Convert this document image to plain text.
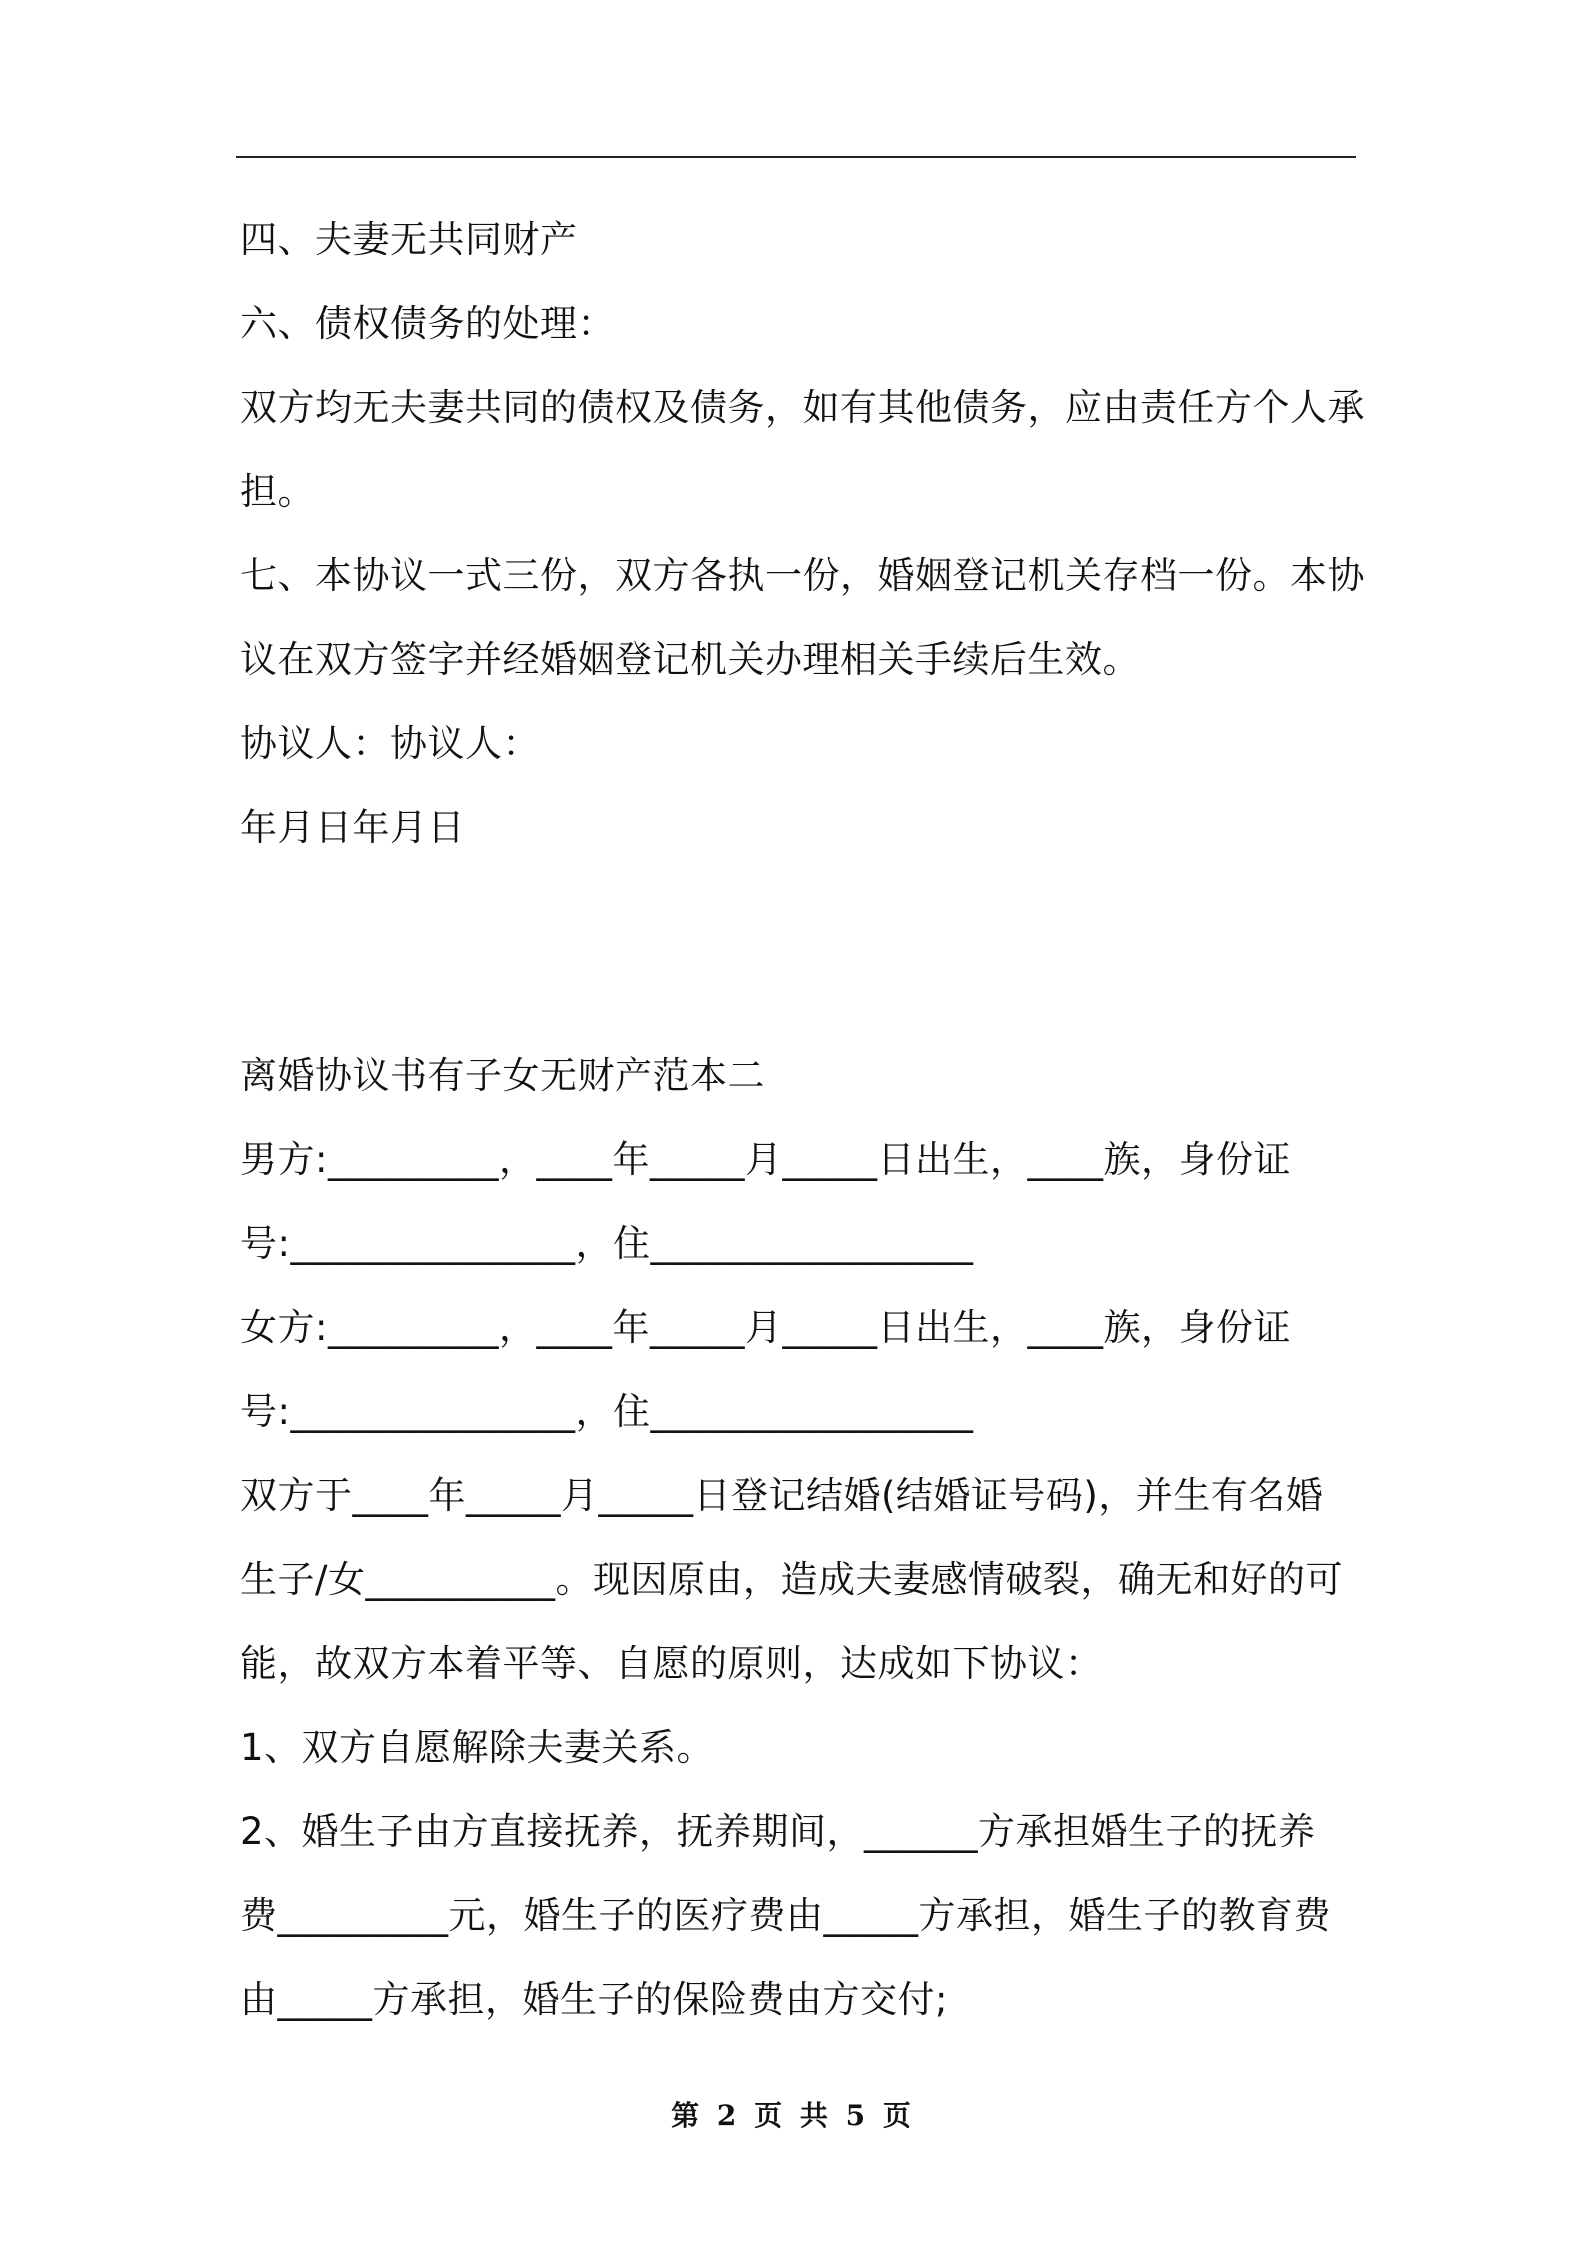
四、夫妻无共同财产
六、债权债务的处理：
双方均无夫妻共同的债权及债务，如有其他债务，应由责任方个人承
担。
七、本协议一式三份，双方各执一份，婚姻登记机关存档一份。本协
议在双方签字并经婚姻登记机关办理相关手续后生效。
协议人：协议人：
年月日年月日
离婚协议书有子女无财产范本二
男方:_________，____年_____月_____日出生，____族，身份证
号:_______________，住_________________
女方:_________，____年_____月_____日出生，____族，身份证
号:_______________，住_________________
双方于____年_____月_____日登记结婚(结婚证号码)，并生有名婚
生子/女__________。现因原由，造成夫妻感情破裂，确无和好的可
能，故双方本着平等、自愿的原则，达成如下协议：
1、双方自愿解除夫妻关系。
2、婚生子由方直接抚养，抚养期间，______方承担婚生子的抚养
费_________元，婚生子的医疗费由_____方承担，婚生子的教育费
由_____方承担，婚生子的保险费由方交付;
第 2 页 共 5 页
